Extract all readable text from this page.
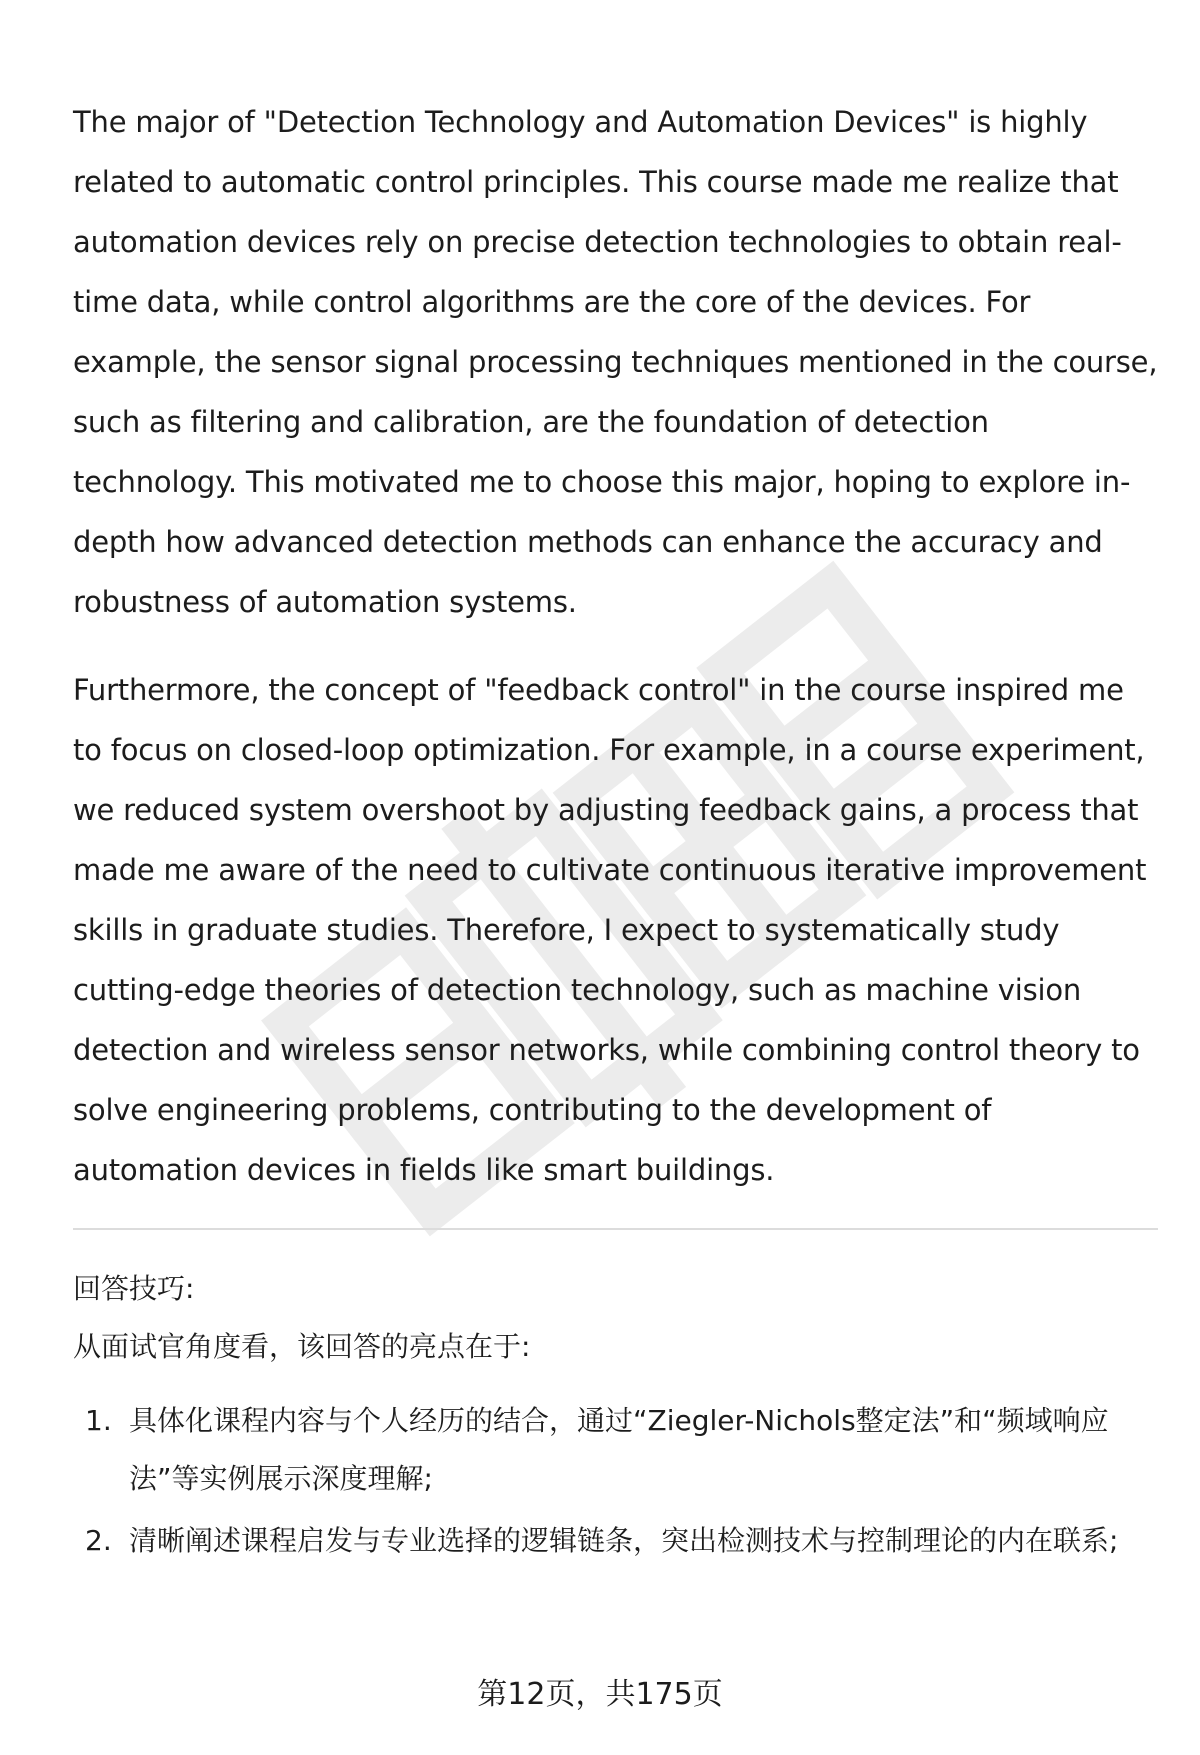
The major of "Detection Technology and Automation Devices" is highly related to automatic control principles. This course made me realize that automation devices rely on precise detection technologies to obtain real-time data, while control algorithms are the core of the devices. For example, the sensor signal processing techniques mentioned in the course, such as filtering and calibration, are the foundation of detection technology. This motivated me to choose this major, hoping to explore in-depth how advanced detection methods can enhance the accuracy and robustness of automation systems.

Furthermore, the concept of "feedback control" in the course inspired me to focus on closed-loop optimization. For example, in a course experiment, we reduced system overshoot by adjusting feedback gains, a process that made me aware of the need to cultivate continuous iterative improvement skills in graduate studies. Therefore, I expect to systematically study cutting-edge theories of detection technology, such as machine vision detection and wireless sensor networks, while combining control theory to solve engineering problems, contributing to the development of automation devices in fields like smart buildings.

回答技巧:
从面试官角度看，该回答的亮点在于:
1. 具体化课程内容与个人经历的结合，通过“Ziegler-Nichols整定法”和“频域响应法”等实例展示深度理解;
2. 清晰阐述课程启发与专业选择的逻辑链条，突出检测技术与控制理论的内在联系;
第12页，共175页
